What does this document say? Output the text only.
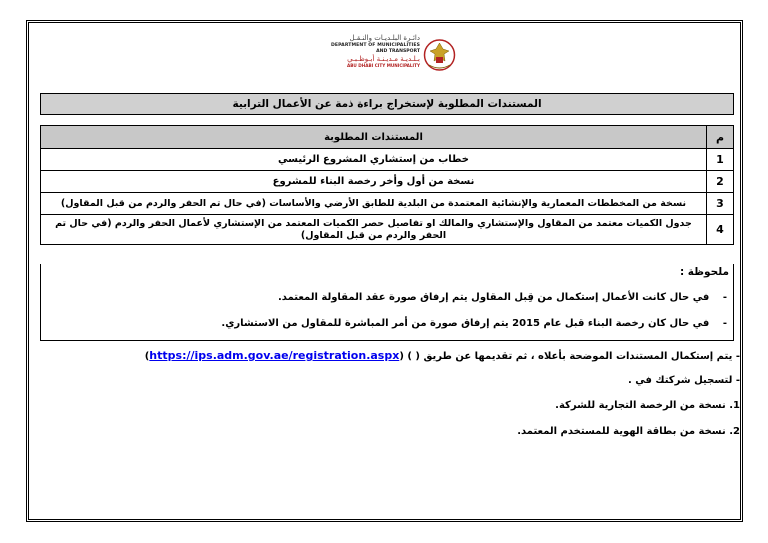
دائـرة البلـديـات والنـقـل
DEPARTMENT OF MUNICIPALITIES
AND TRANSPORT
بـلـديـة مـديـنـة أبـوظـبـي
ABU DHABI CITY MUNICIPALITY
المستندات المطلوبة لإستخراج براءة ذمة عن الأعمال الترابية
م	المستندات المطلوبة
1	خطاب من إستشاري المشروع الرئيسي
2	نسخة من أول وأخر رخصة البناء للمشروع
3	نسخة من المخططات المعمارية والإنشائية المعتمدة من البلدية للطابق الأرضي والأساسات (في حال تم الحفر والردم من قبل المقاول)
4	جدول الكميات معتمد من المقاول والإستشاري والمالك او تفاصيل حصر الكميات المعتمد من الإستشاري لأعمال الحفر والردم (في حال تم الحفر والردم من قبل المقاول)
ملحوظة :
- في حال كانت الأعمال إستكمال من قِبل المقاول يتم إرفاق صورة عقد المقاولة المعتمد.
- في حال كان رخصة البناء قبل عام 2015 يتم إرفاق صورة من أمر المباشرة للمقاول من الاستشاري.
- يتم إستكمال المستندات الموضحة بأعلاه ، ثم تقديمها عن طريق ( ) (https://ips.adm.gov.ae/registration.aspx)
- لتسجيل شركتك في .
1. نسخة من الرخصة التجارية للشركة.
2. نسخة من بطاقة الهوية للمستخدم المعتمد.
